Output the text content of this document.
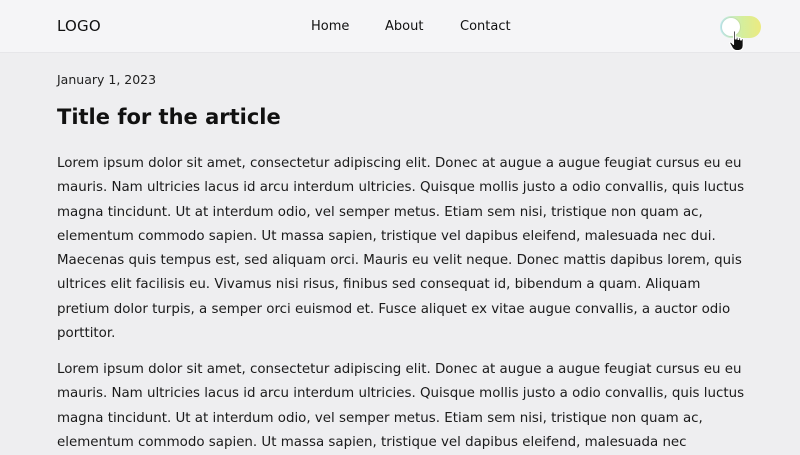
LOGO	Home	About	Contact
January 1, 2023
Title for the article

Lorem ipsum dolor sit amet, consectetur adipiscing elit. Donec at augue a augue feugiat cursus eu eu mauris. Nam ultricies lacus id arcu interdum ultricies. Quisque mollis justo a odio convallis, quis luctus magna tincidunt. Ut at interdum odio, vel semper metus. Etiam sem nisi, tristique non quam ac, elementum commodo sapien. Ut massa sapien, tristique vel dapibus eleifend, malesuada nec dui. Maecenas quis tempus est, sed aliquam orci. Mauris eu velit neque. Donec mattis dapibus lorem, quis ultrices elit facilisis eu. Vivamus nisi risus, finibus sed consequat id, bibendum a quam. Aliquam pretium dolor turpis, a semper orci euismod et. Fusce aliquet ex vitae augue convallis, a auctor odio porttitor.

Lorem ipsum dolor sit amet, consectetur adipiscing elit. Donec at augue a augue feugiat cursus eu eu mauris. Nam ultricies lacus id arcu interdum ultricies. Quisque mollis justo a odio convallis, quis luctus magna tincidunt. Ut at interdum odio, vel semper metus. Etiam sem nisi, tristique non quam ac, elementum commodo sapien. Ut massa sapien, tristique vel dapibus eleifend, malesuada nec
